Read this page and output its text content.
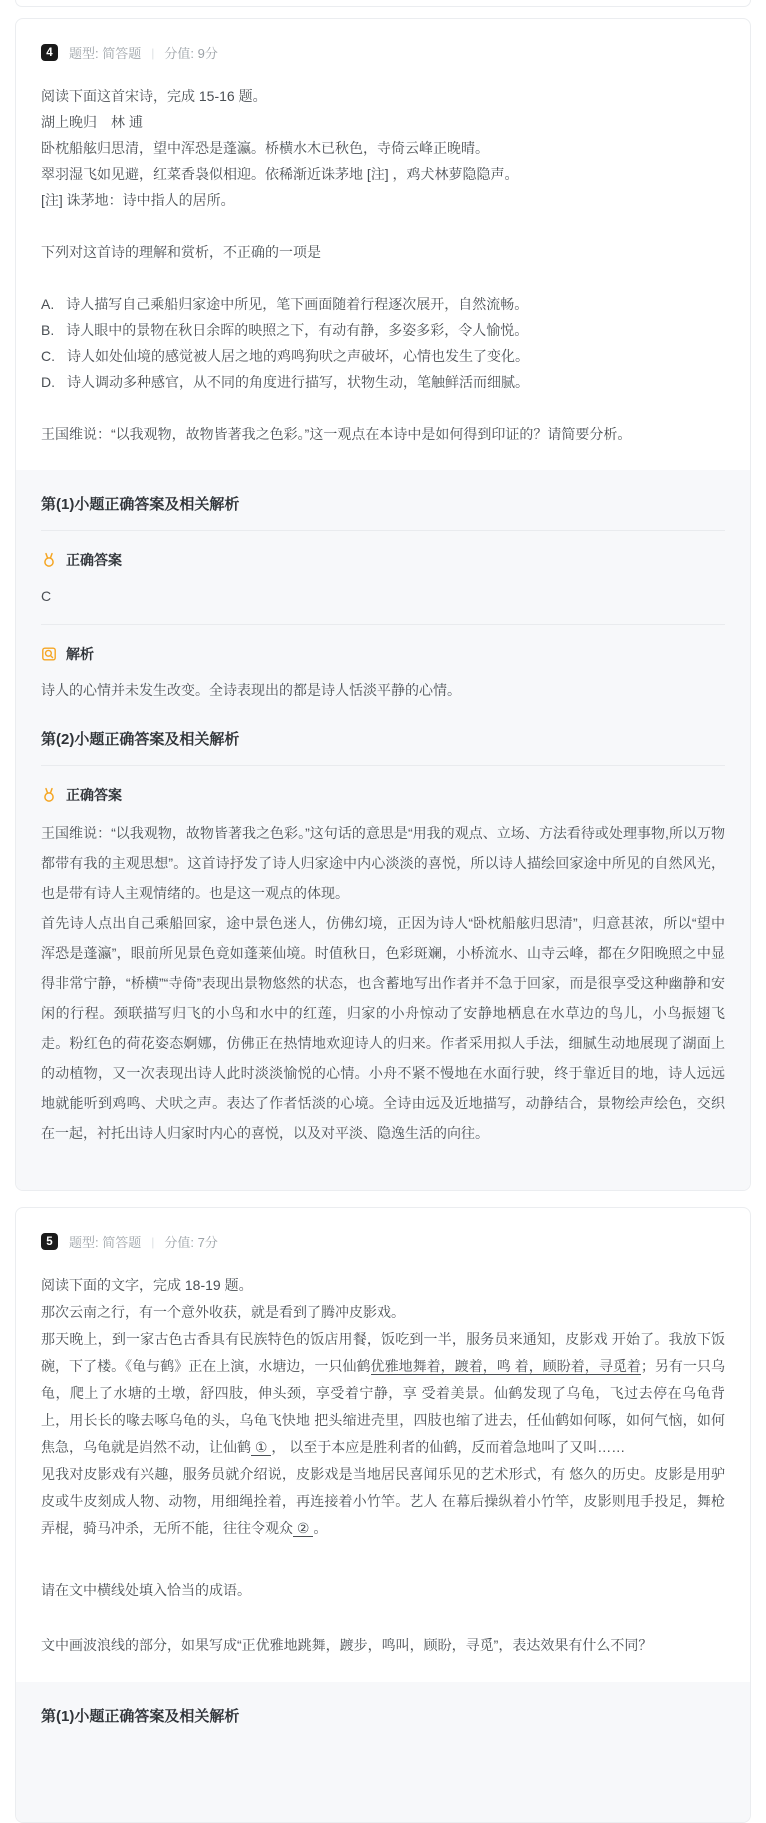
4	题型: 简答题 | 分值: 9分
阅读下面这首宋诗，完成 15-16 题。
湖上晚归　林 逋
卧枕船舷归思清，望中浑恐是蓬瀛。桥横水木已秋色，寺倚云峰正晚晴。
翠羽湿飞如见避，红菜香袅似相迎。依稀渐近诛茅地 [注] ，鸡犬林萝隐隐声。
[注] 诛茅地：诗中指人的居所。
下列对这首诗的理解和赏析，不正确的一项是
A. 诗人描写自己乘船归家途中所见，笔下画面随着行程逐次展开，自然流畅。
B. 诗人眼中的景物在秋日余晖的映照之下，有动有静，多姿多彩，令人愉悦。
C. 诗人如处仙境的感觉被人居之地的鸡鸣狗吠之声破坏，心情也发生了变化。
D. 诗人调动多种感官，从不同的角度进行描写，状物生动，笔触鲜活而细腻。
王国维说：“以我观物，故物皆著我之色彩。”这一观点在本诗中是如何得到印证的？请简要分析。
第(1)小题正确答案及相关解析
正确答案
C
解析
诗人的心情并未发生改变。全诗表现出的都是诗人恬淡平静的心情。
第(2)小题正确答案及相关解析
正确答案

王国维说：“以我观物，故物皆著我之色彩。”这句话的意思是“用我的观点、立场、方法看待或处理事物,所以万物都带有我的主观思想”。这首诗抒发了诗人归家途中内心淡淡的喜悦，所以诗人描绘回家途中所见的自然风光，也是带有诗人主观情绪的。也是这一观点的体现。

首先诗人点出自己乘船回家，途中景色迷人，仿佛幻境，正因为诗人“卧枕船舷归思清”，归意甚浓，所以“望中浑恐是蓬瀛”，眼前所见景色竟如蓬莱仙境。时值秋日，色彩斑斓，小桥流水、山寺云峰，都在夕阳晚照之中显得非常宁静，“桥横”“寺倚”表现出景物悠然的状态，也含蓄地写出作者并不急于回家，而是很享受这种幽静和安闲的行程。颈联描写归飞的小鸟和水中的红莲，归家的小舟惊动了安静地栖息在水草边的鸟儿，小鸟振翅飞走。粉红色的荷花姿态婀娜，仿佛正在热情地欢迎诗人的归来。作者采用拟人手法，细腻生动地展现了湖面上的动植物，又一次表现出诗人此时淡淡愉悦的心情。小舟不紧不慢地在水面行驶，终于靠近目的地，诗人远远地就能听到鸡鸣、犬吠之声。表达了作者恬淡的心境。全诗由远及近地描写，动静结合，景物绘声绘色，交织在一起，衬托出诗人归家时内心的喜悦，以及对平淡、隐逸生活的向往。

5	题型: 简答题 | 分值: 7分
阅读下面的文字，完成 18-19 题。
那次云南之行，有一个意外收获，就是看到了腾冲皮影戏。
那天晚上，到一家古色古香具有民族特色的饭店用餐，饭吃到一半，服务员来通知，皮影戏 开始了。我放下饭碗，下了楼。《龟与鹤》正在上演，水塘边，一只仙鹤优雅地舞着，踱着，鸣 着，顾盼着，寻觅着；另有一只乌龟，爬上了水塘的土墩，舒四肢，伸头颈，享受着宁静，享 受着美景。仙鹤发现了乌龟，飞过去停在乌龟背上，用长长的喙去啄乌龟的头，乌龟飞快地 把头缩进壳里，四肢也缩了进去，任仙鹤如何啄，如何气恼，如何焦急，乌龟就是岿然不动，让仙鹤 ① ， 以至于本应是胜利者的仙鹤，反而着急地叫了又叫……
见我对皮影戏有兴趣，服务员就介绍说，皮影戏是当地居民喜闻乐见的艺术形式，有 悠久的历史。皮影是用驴皮或牛皮刻成人物、动物，用细绳拴着，再连接着小竹竿。艺人 在幕后操纵着小竹竿，皮影则甩手投足，舞枪弄棍，骑马冲杀，无所不能，往往令观众 ② 。
请在文中横线处填入恰当的成语。
文中画波浪线的部分，如果写成“正优雅地跳舞，踱步，鸣叫，顾盼，寻觅”，表达效果有什么不同？
第(1)小题正确答案及相关解析
